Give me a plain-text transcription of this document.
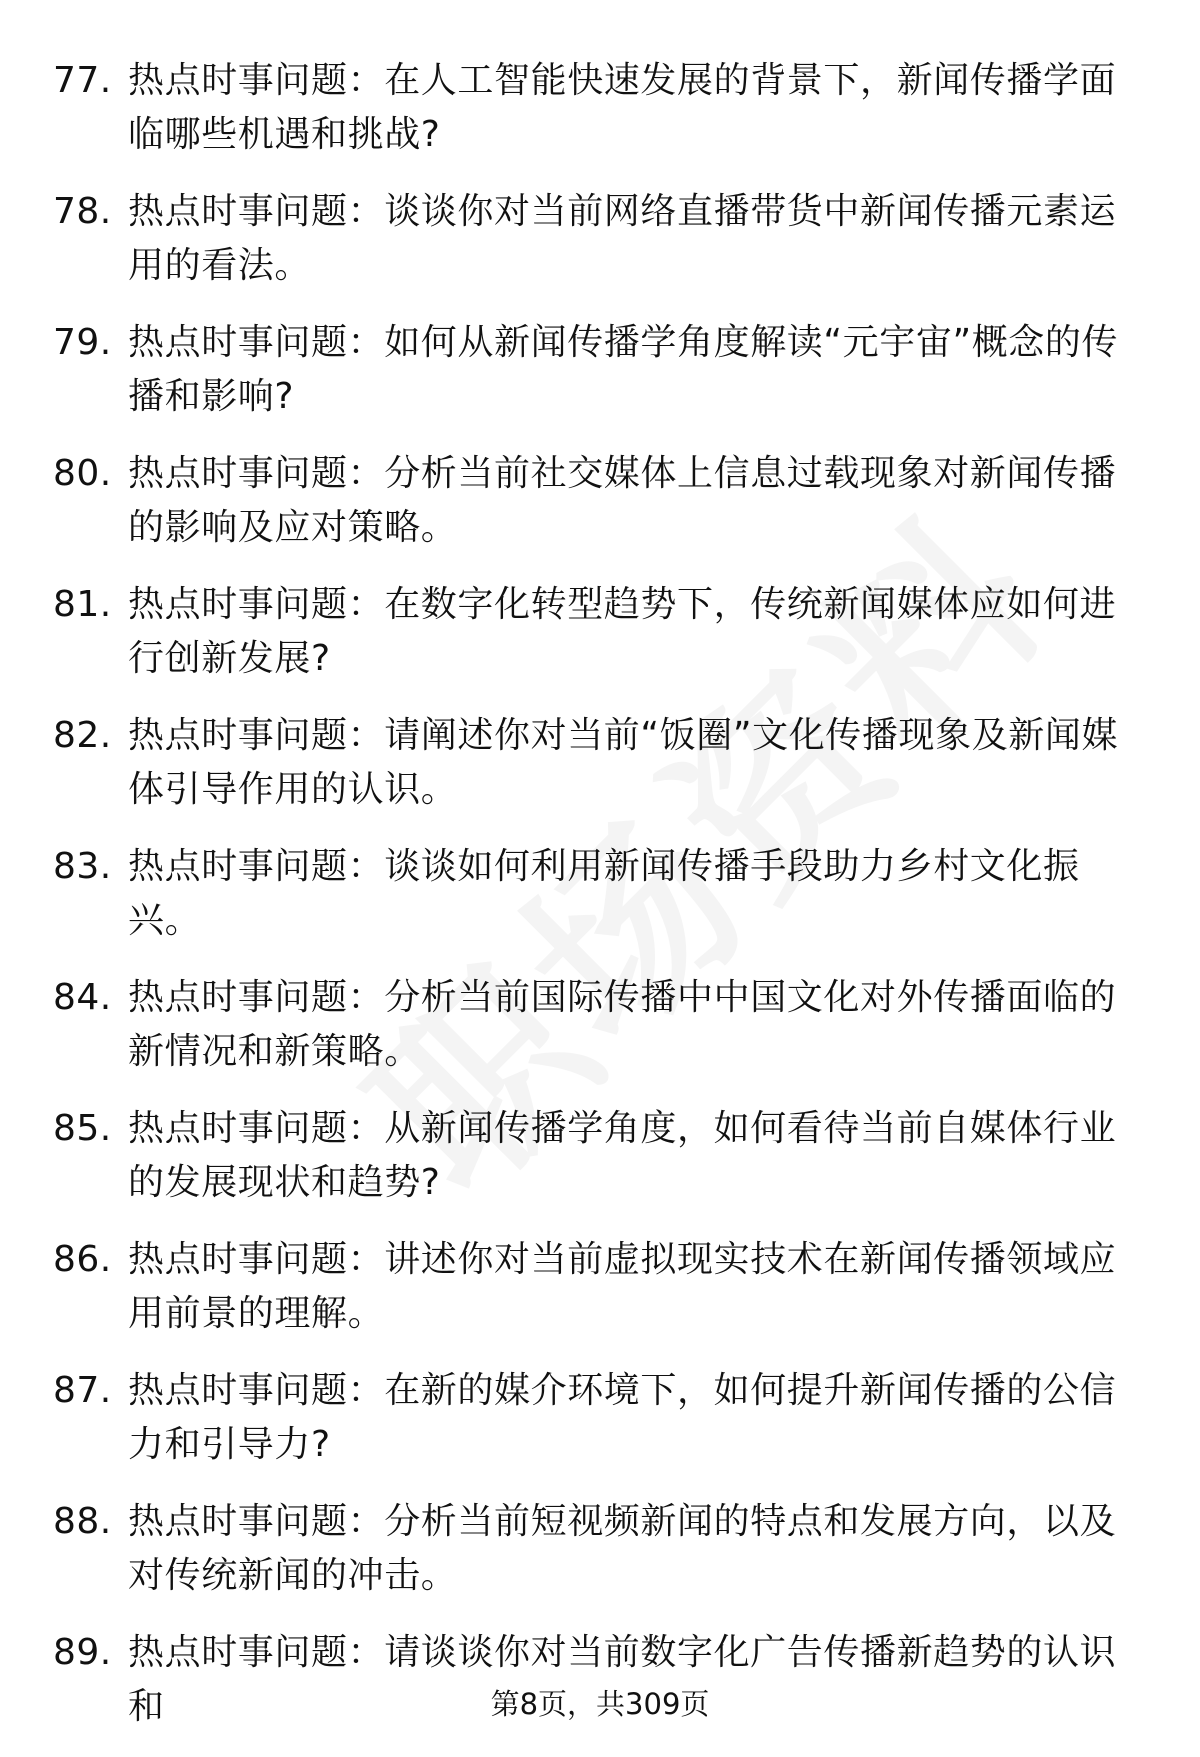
77. 热点时事问题：在人工智能快速发展的背景下，新闻传播学面临哪些机遇和挑战?
78. 热点时事问题：谈谈你对当前网络直播带货中新闻传播元素运用的看法。
79. 热点时事问题：如何从新闻传播学角度解读“元宇宙”概念的传播和影响?
80. 热点时事问题：分析当前社交媒体上信息过载现象对新闻传播的影响及应对策略。
81. 热点时事问题：在数字化转型趋势下，传统新闻媒体应如何进行创新发展?
82. 热点时事问题：请阐述你对当前“饭圈”文化传播现象及新闻媒体引导作用的认识。
83. 热点时事问题：谈谈如何利用新闻传播手段助力乡村文化振兴。
84. 热点时事问题：分析当前国际传播中中国文化对外传播面临的新情况和新策略。
85. 热点时事问题：从新闻传播学角度，如何看待当前自媒体行业的发展现状和趋势?
86. 热点时事问题：讲述你对当前虚拟现实技术在新闻传播领域应用前景的理解。
87. 热点时事问题：在新的媒介环境下，如何提升新闻传播的公信力和引导力?
88. 热点时事问题：分析当前短视频新闻的特点和发展方向，以及对传统新闻的冲击。
89. 热点时事问题：请谈谈你对当前数字化广告传播新趋势的认识和	第8页，共309页
